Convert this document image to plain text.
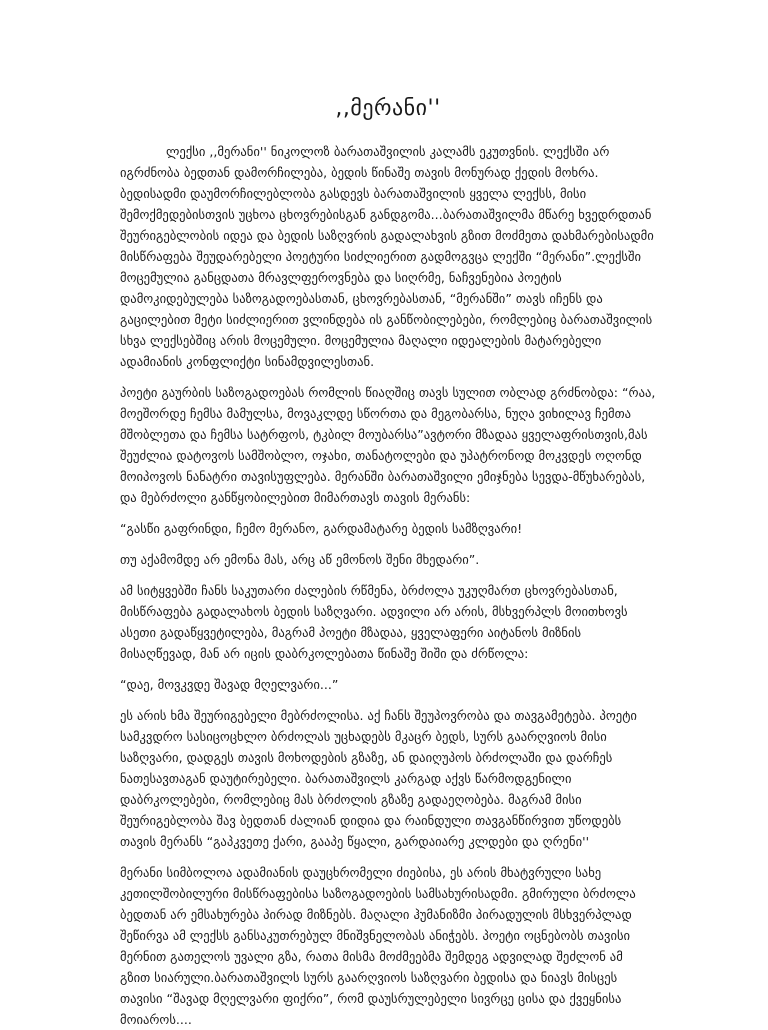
,,მერანი''

ლექსი ,,მერანი'' ნიკოლოზ ბარათაშვილის კალამს ეკუთვნის. ლექსში არ იგრძნობა ბედთან დამორჩილება, ბედის წინაშე თავის მონურად ქედის მოხრა. ბედისადმი დაუმორჩილებლობა გასდევს ბარათაშვილის ყველა ლექსს, მისი შემოქმედებისთვის უცხოა ცხოვრებისგან განდგომა...ბარათაშვილმა მწარე ხვედრდთან შეურიგებლობის იდეა და ბედის საზღვრის გადალახვის გზით მოძმეთა დახმარებისადმი მისწრაფება შეუდარებელი პოეტური სიძლიერით გადმოგვცა ლექში “მერანი”.ლექსში მოცემულია განცდათა მრავლფეროვნება და სიღრმე, ნაჩვენებია პოეტის დამოკიდებულება საზოგადოებასთან, ცხოვრებასთან, “მერანში” თავს იჩენს და გაცილებით მეტი სიძლიერით ვლინდება ის განწობილებები, რომლებიც ბარათაშვილის სხვა ლექსებშიც არის მოცემული. მოცემულია მაღალი იდეალების მატარებელი ადამიანის კონფლიქტი სინამდვილესთან.

პოეტი გაურბის საზოგადოებას რომლის წიაღშიც თავს სულით ობლად გრძნობდა: “რაა, მოეშორდე ჩემსა მამულსა, მოვაკლდე სწორთა და მეგობარსა, ნუღა ვიხილავ ჩემთა მშობლეთა და ჩემსა სატრფოს, ტკბილ მოუბარსა”ავტორი მზადაა ყველაფრისთვის,მას შეუძლია დატოვოს სამშობლო, ოჯახი, თანატოლები და უპატრონოდ მოკვდეს ოღონდ მოიპოვოს ნანატრი თავისუფლება. მერანში ბარათაშვილი ემიჯნება სევდა-მწუხარებას, და მებრძოლი განწყობილებით მიმართავს თავის მერანს:

“გასწი გაფრინდი, ჩემო მერანო, გარდამატარე ბედის სამზღვარი!

თუ აქამომდე არ ემონა მას, არც აწ ემონოს შენი მხედარი”.

ამ სიტყვებში ჩანს საკუთარი ძალების რწმენა, ბრძოლა უკუღმართ ცხოვრებასთან, მისწრაფება გადალახოს ბედის საზღვარი. ადვილი არ არის, მსხვერპლს მოითხოვს ასეთი გადაწყვეტილება, მაგრამ პოეტი მზადაა, ყველაფერი აიტანოს მიზნის მისაღწევად, მან არ იცის დაბრკოლებათა წინაშე შიში და ძრწოლა:

“დაე, მოვკვდე შავად მღელვარი...”

ეს არის ხმა შეურიგებელი მებრძოლისა. აქ ჩანს შეუპოვრობა და თავგამეტება. პოეტი სამკვდრო სასიცოცხლო ბრძოლას უცხადებს მკაცრ ბედს, სურს გაარღვიოს მისი საზღვარი, დადგეს თავის მოხოდების გზაზე, ან დაიღუპოს ბრძოლაში და დარჩეს ნათესავთაგან დაუტირებელი. ბარათაშვილს კარგად აქვს წარმოდგენილი დაბრკოლებები, რომლებიც მას ბრძოლის გზაზე გადაეღობება. მაგრამ მისი შეურიგებლობა შავ ბედთან ძალიან დიდია და რაინდული თავგანწირვით უწოდებს თავის მერანს “გაპკვეთე ქარი, გააპე წყალი, გარდაიარე კლდები და ღრენი''

მერანი სიმბოლოა ადამიანის დაუცხრომელი ძიებისა, ეს არის მხატვრული სახე კეთილშობილური მისწრაფებისა საზოგადოების სამსახურისადმი. გმირული ბრძოლა ბედთან არ ემსახურება პირად მიზნებს. მაღალი ჰუმანიზმი პირადულის მსხვერპლად შეწირვა ამ ლექსს განსაკუთრებულ მნიშვნელობას ანიჭებს. პოეტი ოცნებობს თავისი მერნით გათელოს უვალი გზა, რათა მისმა მოძმეებმა შემდეგ ადვილად შეძლონ ამ გზით სიარული.ბარათაშვილს სურს გაარღვიოს საზღვარი ბედისა და ნიავს მისცეს თავისი “შავად მღელვარი ფიქრი”, რომ დაუსრულებელი სივრცე ცისა და ქვეყნისა მოიაროს....
